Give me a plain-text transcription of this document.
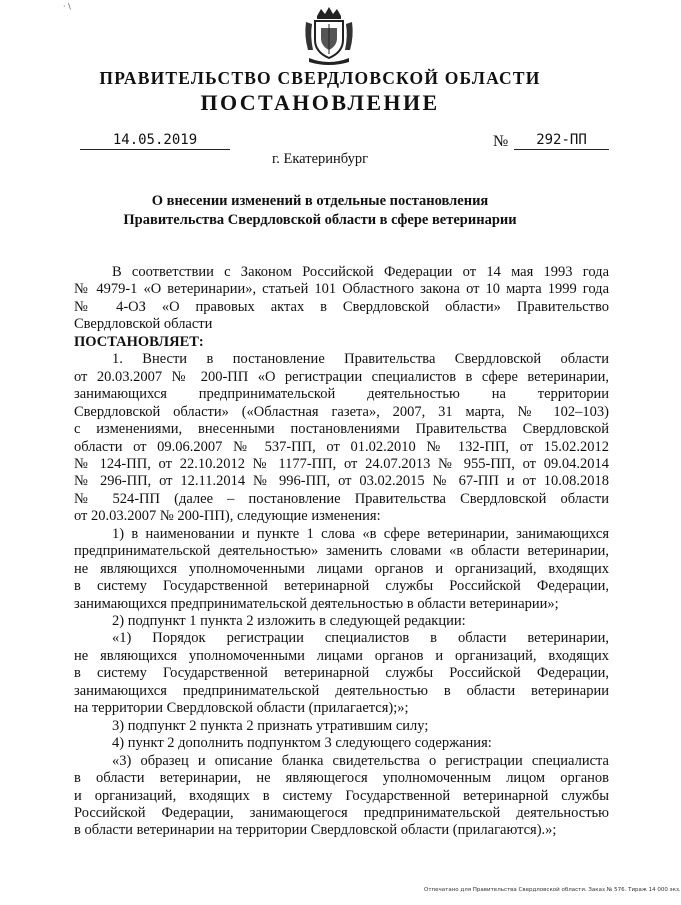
· \
ПРАВИТЕЛЬСТВО СВЕРДЛОВСКОЙ ОБЛАСТИ
ПОСТАНОВЛЕНИЕ
14.05.2019	№	292-ПП
г. Екатеринбург
О внесении изменений в отдельные постановления
Правительства Свердловской области в сфере ветеринарии
В соответствии с Законом Российской Федерации от 14 мая 1993 года
№ 4979-1 «О ветеринарии», статьей 101 Областного закона от 10 марта 1999 года
№ 4-ОЗ «О правовых актах в Свердловской области» Правительство
Свердловской области
ПОСТАНОВЛЯЕТ:
1. Внести в постановление Правительства Свердловской области
от 20.03.2007 № 200-ПП «О регистрации специалистов в сфере ветеринарии,
занимающихся предпринимательской деятельностью на территории
Свердловской области» («Областная газета», 2007, 31 марта, № 102–103)
с изменениями, внесенными постановлениями Правительства Свердловской
области от 09.06.2007 № 537-ПП, от 01.02.2010 № 132-ПП, от 15.02.2012
№ 124-ПП, от 22.10.2012 № 1177-ПП, от 24.07.2013 № 955-ПП, от 09.04.2014
№ 296-ПП, от 12.11.2014 № 996-ПП, от 03.02.2015 № 67-ПП и от 10.08.2018
№ 524-ПП (далее – постановление Правительства Свердловской области
от 20.03.2007 № 200-ПП), следующие изменения:
1) в наименовании и пункте 1 слова «в сфере ветеринарии, занимающихся
предпринимательской деятельностью» заменить словами «в области ветеринарии,
не являющихся уполномоченными лицами органов и организаций, входящих
в систему Государственной ветеринарной службы Российской Федерации,
занимающихся предпринимательской деятельностью в области ветеринарии»;
2) подпункт 1 пункта 2 изложить в следующей редакции:
«1) Порядок регистрации специалистов в области ветеринарии,
не являющихся уполномоченными лицами органов и организаций, входящих
в систему Государственной ветеринарной службы Российской Федерации,
занимающихся предпринимательской деятельностью в области ветеринарии
на территории Свердловской области (прилагается);»;
3) подпункт 2 пункта 2 признать утратившим силу;
4) пункт 2 дополнить подпунктом 3 следующего содержания:
«3) образец и описание бланка свидетельства о регистрации специалиста
в области ветеринарии, не являющегося уполномоченным лицом органов
и организаций, входящих в систему Государственной ветеринарной службы
Российской Федерации, занимающегося предпринимательской деятельностью
в области ветеринарии на территории Свердловской области (прилагаются).»;
Отпечатано для Правительства Свердловской области. Заказ № 576. Тираж 14 000 экз.
